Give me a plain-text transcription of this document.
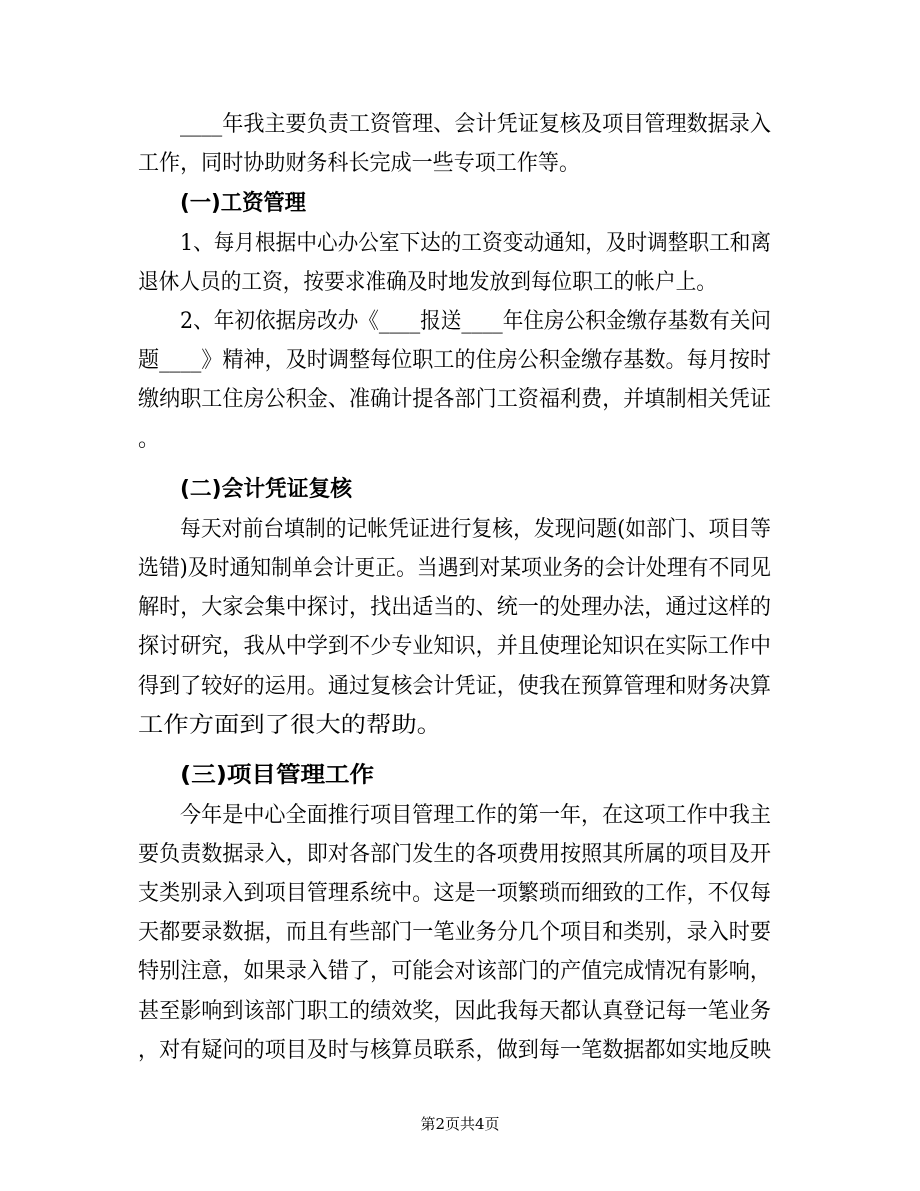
____年我主要负责工资管理、会计凭证复核及项目管理数据录入
工作，同时协助财务科长完成一些专项工作等。
(一)工资管理
1、每月根据中心办公室下达的工资变动通知，及时调整职工和离
退休人员的工资，按要求准确及时地发放到每位职工的帐户上。
2、年初依据房改办《____报送____年住房公积金缴存基数有关问
题____》精神，及时调整每位职工的住房公积金缴存基数。每月按时
缴纳职工住房公积金、准确计提各部门工资福利费，并填制相关凭证
。
(二)会计凭证复核
每天对前台填制的记帐凭证进行复核，发现问题(如部门、项目等
选错)及时通知制单会计更正。当遇到对某项业务的会计处理有不同见
解时，大家会集中探讨，找出适当的、统一的处理办法，通过这样的
探讨研究，我从中学到不少专业知识，并且使理论知识在实际工作中
得到了较好的运用。通过复核会计凭证，使我在预算管理和财务决算
工作方面到了很大的帮助。
(三)项目管理工作
今年是中心全面推行项目管理工作的第一年，在这项工作中我主
要负责数据录入，即对各部门发生的各项费用按照其所属的项目及开
支类别录入到项目管理系统中。这是一项繁琐而细致的工作，不仅每
天都要录数据，而且有些部门一笔业务分几个项目和类别，录入时要
特别注意，如果录入错了，可能会对该部门的产值完成情况有影响，
甚至影响到该部门职工的绩效奖，因此我每天都认真登记每一笔业务
，对有疑问的项目及时与核算员联系，做到每一笔数据都如实地反映
第2页共4页
